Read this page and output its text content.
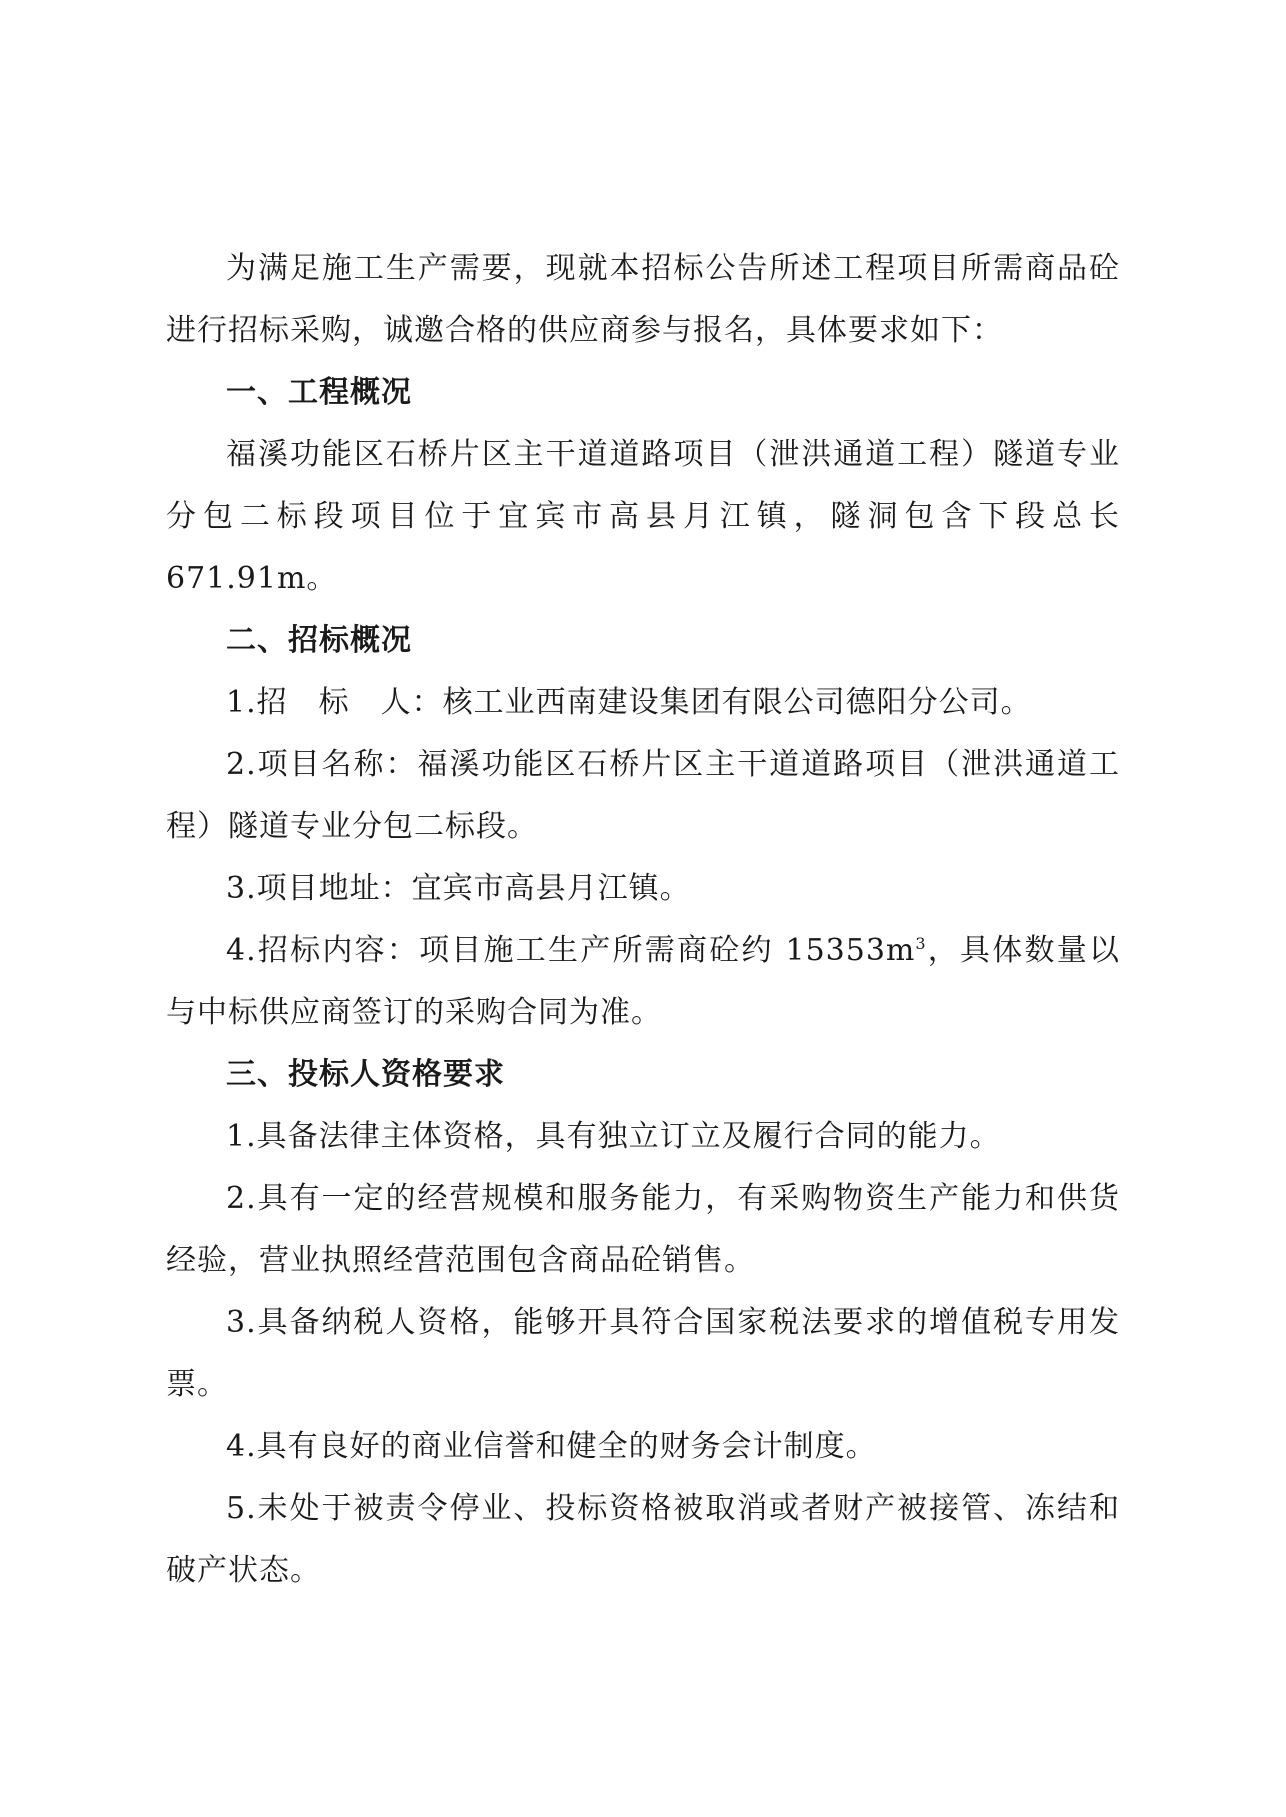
为满足施工生产需要，现就本招标公告所述工程项目所需商品砼进行招标采购，诚邀合格的供应商参与报名，具体要求如下：

一、工程概况

福溪功能区石桥片区主干道道路项目（泄洪通道工程）隧道专业分包二标段项目位于宜宾市高县月江镇，隧洞包含下段总长671.91m。

二、招标概况

1.招　标　人：核工业西南建设集团有限公司德阳分公司。

2.项目名称：福溪功能区石桥片区主干道道路项目（泄洪通道工程）隧道专业分包二标段。

3.项目地址：宜宾市高县月江镇。

4.招标内容：项目施工生产所需商砼约 $15353m^3$，具体数量以与中标供应商签订的采购合同为准。

三、投标人资格要求

1.具备法律主体资格，具有独立订立及履行合同的能力。

2.具有一定的经营规模和服务能力，有采购物资生产能力和供货经验，营业执照经营范围包含商品砼销售。

3.具备纳税人资格，能够开具符合国家税法要求的增值税专用发票。

4.具有良好的商业信誉和健全的财务会计制度。

5.未处于被责令停业、投标资格被取消或者财产被接管、冻结和破产状态。
